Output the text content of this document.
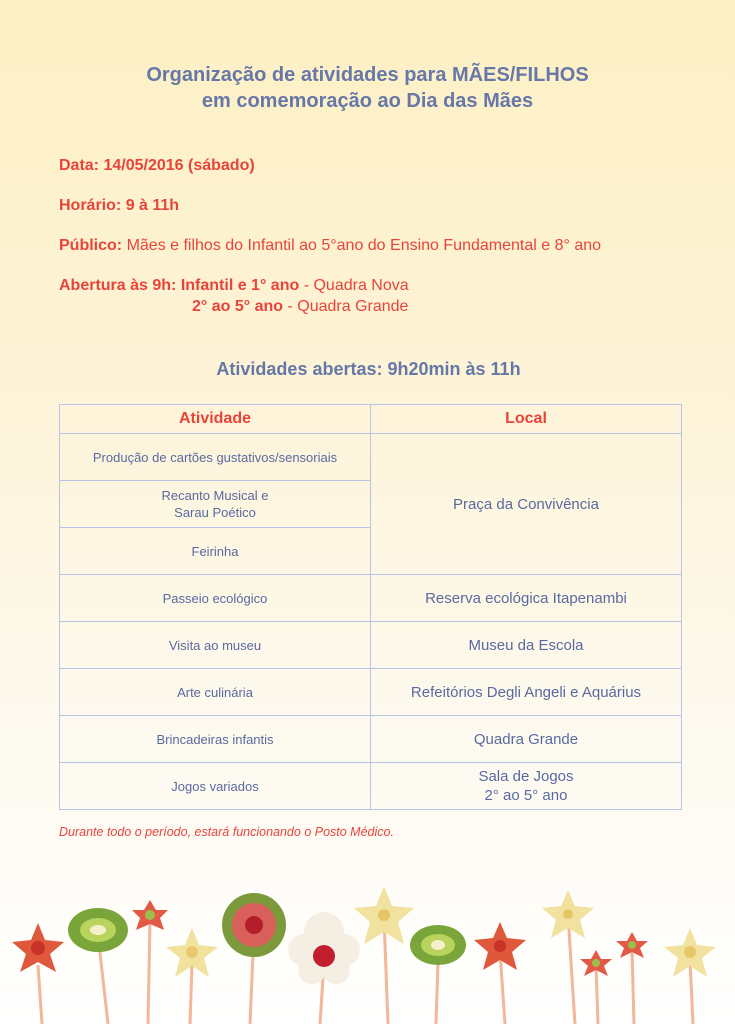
Organização de atividades para MÃES/FILHOS
em comemoração ao Dia das Mães
Data: 14/05/2016 (sábado)
Horário: 9 à 11h
Público: Mães e filhos do Infantil ao 5°ano do Ensino Fundamental e 8° ano
Abertura às 9h: Infantil e 1° ano - Quadra Nova
2° ao 5° ano - Quadra Grande
Atividades abertas: 9h20min às 11h
Atividade	Local
Produção de cartões gustativos/sensoriais	Praça da Convivência

Recanto Musical e
Sarau Poético	

Feirinha	
Passeio ecológico	Reserva ecológica Itapenambi
Visita ao museu	Museu da Escola
Arte culinária	Refeitórios Degli Angeli e Aquárius
Brincadeiras infantis	Quadra Grande
Jogos variados	Sala de Jogos
2° ao 5° ano
Durante todo o período, estará funcionando o Posto Médico.
